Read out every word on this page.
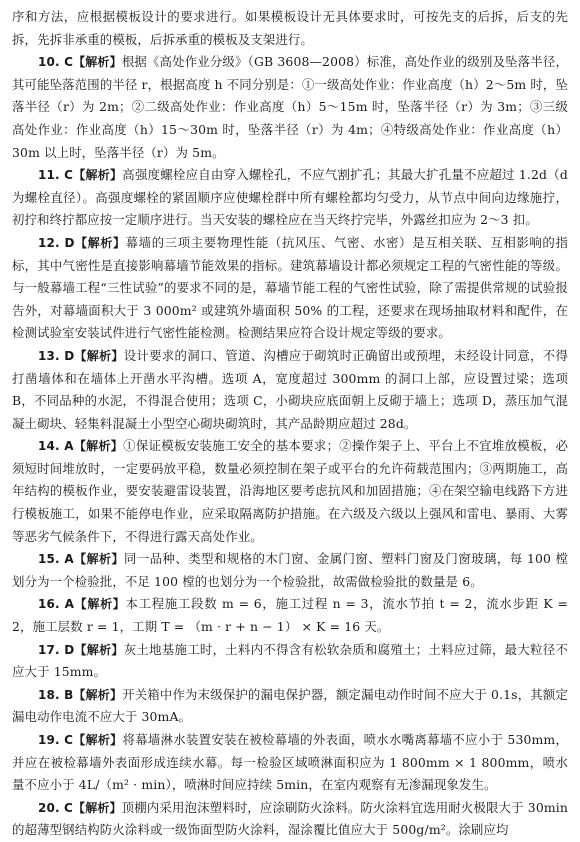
序和方法，应根据模板设计的要求进行。如果模板设计无具体要求时，可按先支的后拆，后支的先拆，先拆非承重的模板，后拆承重的模板及支架进行。

10. C【解析】根据《高处作业分级》（GB 3608—2008）标准，高处作业的级别及坠落半径，其可能坠落范围的半径 r，根据高度 h 不同分别是：①一级高处作业：作业高度（h）2～5m 时，坠落半径（r）为 2m；②二级高处作业：作业高度（h）5～15m 时，坠落半径（r）为 3m；③三级高处作业：作业高度（h）15～30m 时，坠落半径（r）为 4m；④特级高处作业：作业高度（h）30m 以上时，坠落半径（r）为 5m。

11. C【解析】高强度螺栓应自由穿入螺栓孔，不应气割扩孔；其最大扩孔量不应超过 1.2d（d 为螺栓直径）。高强度螺栓的紧固顺序应使螺栓群中所有螺栓都均匀受力，从节点中间向边缘施拧，初拧和终拧都应按一定顺序进行。当天安装的螺栓应在当天终拧完毕，外露丝扣应为 2～3 扣。

12. D【解析】幕墙的三项主要物理性能（抗风压、气密、水密）是互相关联、互相影响的指标，其中气密性是直接影响幕墙节能效果的指标。建筑幕墙设计都必须规定工程的气密性能的等级。与一般幕墙工程“三性试验”的要求不同的是，幕墙节能工程的气密性试验，除了需提供常规的试验报告外，对幕墙面积大于 3 000m² 或建筑外墙面积 50% 的工程，还要求在现场抽取材料和配件，在检测试验室安装试件进行气密性能检测。检测结果应符合设计规定等级的要求。

13. D【解析】设计要求的洞口、管道、沟槽应于砌筑时正确留出或预埋，未经设计同意，不得打凿墙体和在墙体上开凿水平沟槽。选项 A，宽度超过 300mm 的洞口上部，应设置过梁；选项 B，不同品种的水泥，不得混合使用；选项 C，小砌块应底面朝上反砌于墙上；选项 D，蒸压加气混凝土砌块、轻集料混凝土小型空心砌块砌筑时，其产品龄期应超过 28d。

14. A【解析】①保证模板安装施工安全的基本要求；②操作架子上、平台上不宜堆放模板，必须短时间堆放时，一定要码放平稳，数量必须控制在架子或平台的允许荷载范围内；③两期施工，高年结构的模板作业，要安装避雷设装置，沿海地区要考虑抗风和加固措施；④在架空输电线路下方进行模板施工，如果不能停电作业，应采取隔离防护措施。在六级及六级以上强风和雷电、暴雨、大雾等恶劣气候条件下，不得进行露天高处作业。

15. A【解析】同一品种、类型和规格的木门窗、金属门窗、塑料门窗及门窗玻璃，每 100 樘划分为一个检验批，不足 100 樘的也划分为一个检验批，故需做检验批的数量是 6。

16. A【解析】本工程施工段数 m = 6，施工过程 n = 3，流水节拍 t = 2，流水步距 K = 2，施工层数 r = 1，工期 T = （m · r + n − 1） × K = 16 天。

17. D【解析】灰土地基施工时，土料内不得含有松软杂质和腐殖土；土料应过筛，最大粒径不应大于 15mm。

18. B【解析】开关箱中作为末级保护的漏电保护器，额定漏电动作时间不应大于 0.1s，其额定漏电动作电流不应大于 30mA。

19. C【解析】将幕墙淋水装置安装在被检幕墙的外表面，喷水水嘴离幕墙不应小于 530mm，并应在被检幕墙外表面形成连续水幕。每一检验区域喷淋面积应为 1 800mm × 1 800mm，喷水量不应小于 4L/（m² · min），喷淋时间应持续 5min，在室内观察有无渗漏现象发生。

20. C【解析】顶棚内采用泡沫塑料时，应涂刷防火涂料。防火涂料宜选用耐火极限大于 30min 的超薄型钢结构防火涂料或一级饰面型防火涂料，湿涂覆比值应大于 500g/m²。涂刷应均
